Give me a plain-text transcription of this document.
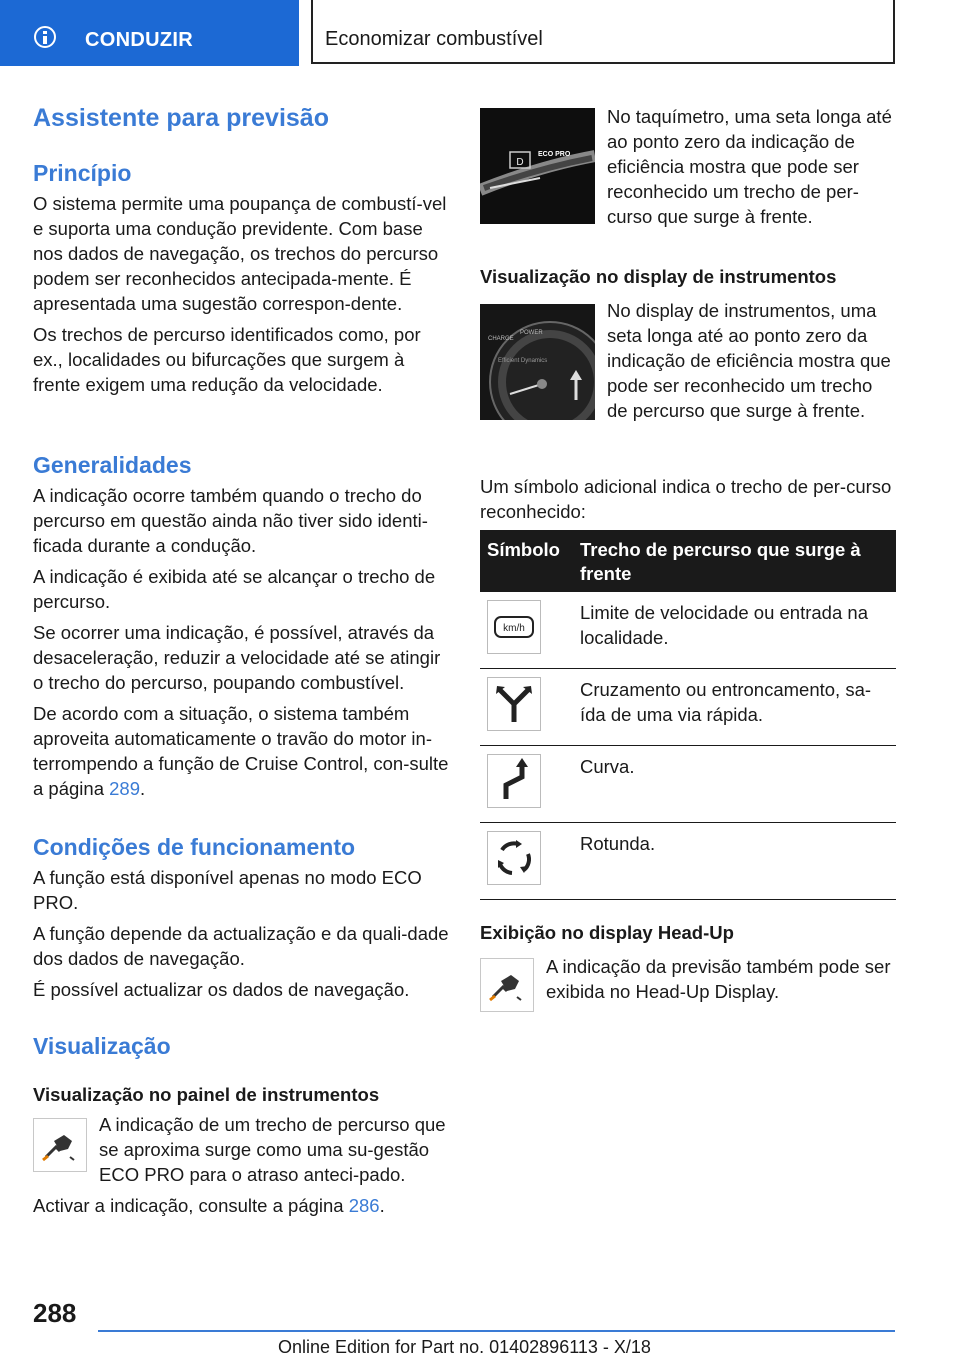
CONDUZIR	Economizar combustível
Assistente para previsão
Princípio

O sistema permite uma poupança de combustí-vel e suporta uma condução previdente. Com base nos dados de navegação, os trechos do percurso podem ser reconhecidos antecipada-mente. É apresentada uma sugestão correspon-dente.

Os trechos de percurso identificados como, por ex., localidades ou bifurcações que surgem à frente exigem uma redução da velocidade.

Generalidades

A indicação ocorre também quando o trecho do percurso em questão ainda não tiver sido identi-ficada durante a condução.

A indicação é exibida até se alcançar o trecho de percurso.

Se ocorrer uma indicação, é possível, através da desaceleração, reduzir a velocidade até se atingir o trecho do percurso, poupando combustível.

De acordo com a situação, o sistema também aproveita automaticamente o travão do motor in-terrompendo a função de Cruise Control, con-sulte a página 289.

Condições de funcionamento

A função está disponível apenas no modo ECO PRO.

A função depende da actualização e da quali-dade dos dados de navegação.

É possível actualizar os dados de navegação.

Visualização

Visualização no painel de instrumentos

A indicação de um trecho de percurso que se aproxima surge como uma su-gestão ECO PRO para o atraso anteci-pado.

Activar a indicação, consulte a página 286.

D
ECO PRO

No taquímetro, uma seta longa até ao ponto zero da indicação de eficiência mostra que pode ser reconhecido um trecho de per-curso que surge à frente.

Visualização no display de instrumentos

CHARGE
POWER
Efficient Dynamics

No display de instrumentos, uma seta longa até ao ponto zero da indicação de eficiência mostra que pode ser reconhecido um trecho de percurso que surge à frente.

Um símbolo adicional indica o trecho de per-curso reconhecido:

Símbolo	Trecho de percurso que surge à frente

km/h	Limite de velocidade ou entrada na localidade.

	Cruzamento ou entroncamento, sa-ída de uma via rápida.

	Curva.

	Rotunda.

Exibição no display Head-Up

A indicação da previsão também pode ser exibida no Head-Up Display.

288
Online Edition for Part no. 01402896113 - X/18
